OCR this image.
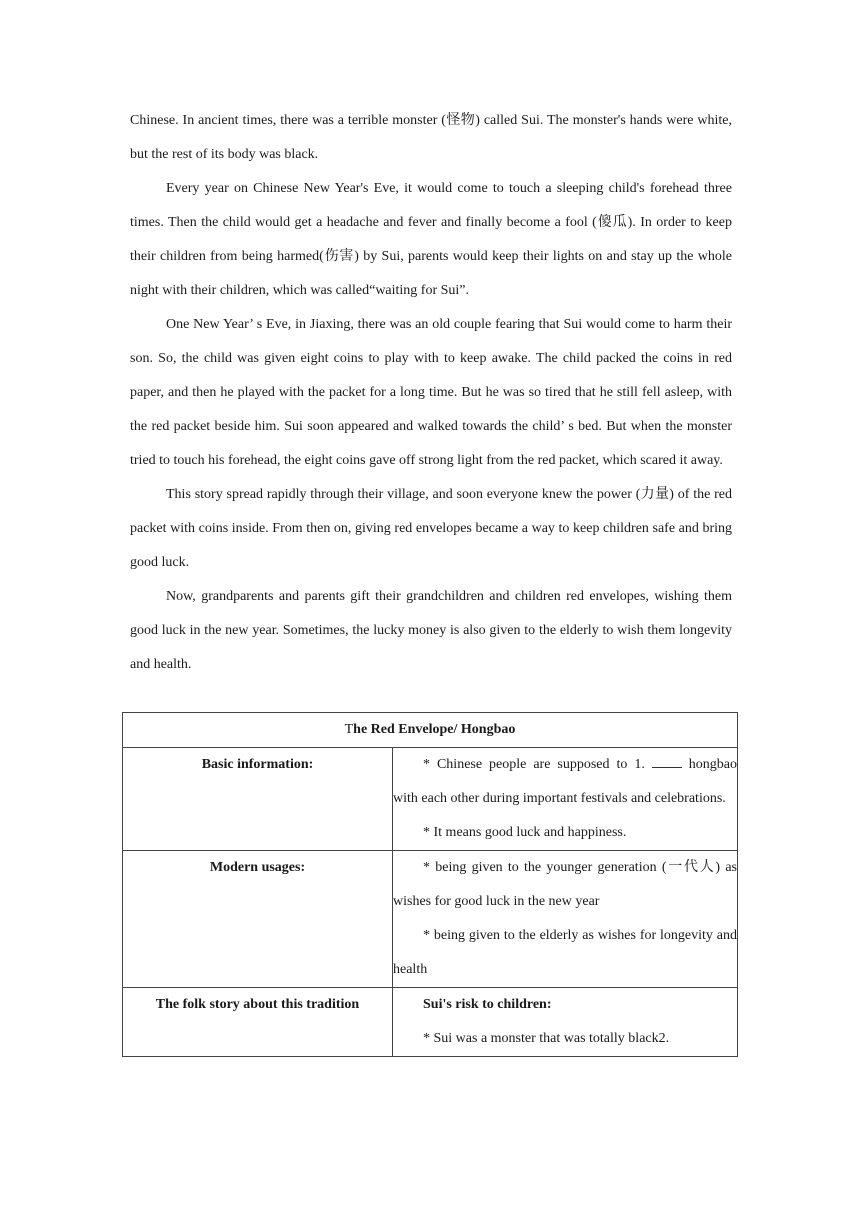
Chinese. In ancient times, there was a terrible monster (怪物) called Sui. The monster's hands were white, but the rest of its body was black.

Every year on Chinese New Year's Eve, it would come to touch a sleeping child's forehead three times. Then the child would get a headache and fever and finally become a fool (傻瓜). In order to keep their children from being harmed(伤害) by Sui, parents would keep their lights on and stay up the whole night with their children, which was called“waiting for Sui”.

One New Year’ s Eve, in Jiaxing, there was an old couple fearing that Sui would come to harm their son. So, the child was given eight coins to play with to keep awake. The child packed the coins in red paper, and then he played with the packet for a long time. But he was so tired that he still fell asleep, with the red packet beside him. Sui soon appeared and walked towards the child’ s bed. But when the monster tried to touch his forehead, the eight coins gave off strong light from the red packet, which scared it away.

This story spread rapidly through their village, and soon everyone knew the power (力量) of the red packet with coins inside. From then on, giving red envelopes became a way to keep children safe and bring good luck.

Now, grandparents and parents gift their grandchildren and children red envelopes, wishing them good luck in the new year. Sometimes, the lucky money is also given to the elderly to wish them longevity and health.

The Red Envelope/ Hongbao	
Basic information:	* Chinese people are supposed to 1.  hongbao with each other during important festivals and celebrations.

* It means good luck and happiness.

Modern usages:	* being given to the younger generation (一代人) as wishes for good luck in the new year

* being given to the elderly as wishes for longevity and health

The folk story about this tradition	Sui's risk to children:

* Sui was a monster that was totally black2.
